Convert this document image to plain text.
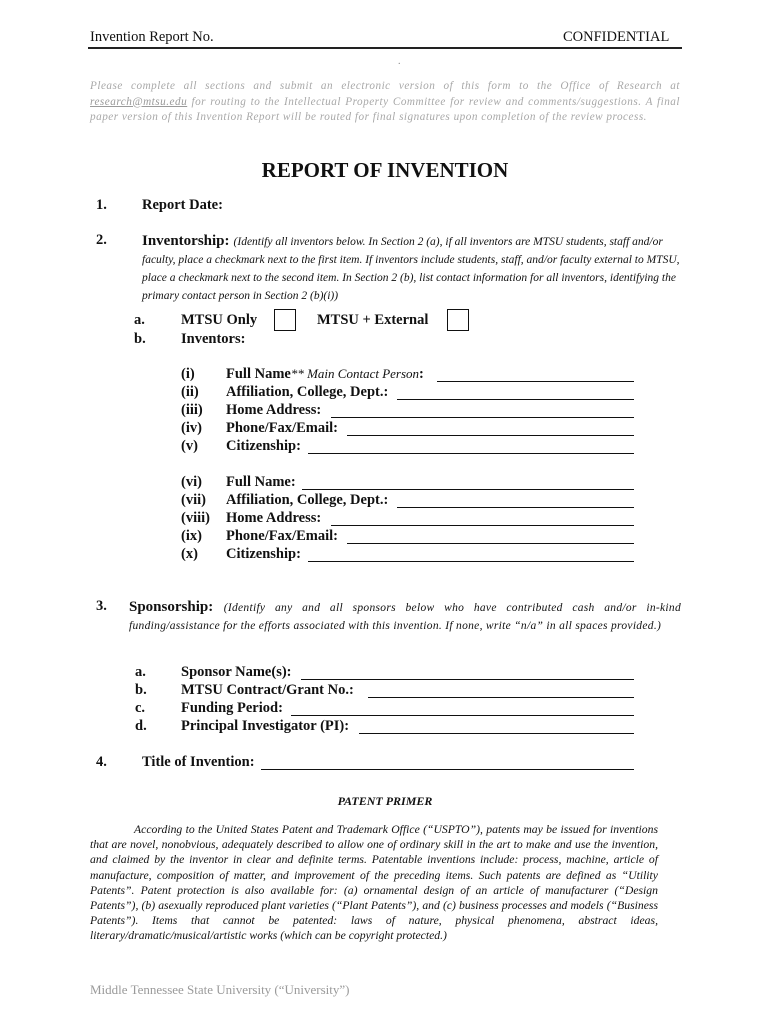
Invention Report No.	CONFIDENTIAL
.
Please complete all sections and submit an electronic version of this form to the Office of Research at research@mtsu.edu for routing to the Intellectual Property Committee for review and comments/suggestions. A final paper version of this Invention Report will be routed for final signatures upon completion of the review process.
REPORT OF INVENTION
1. Report Date:
2. Inventorship: (Identify all inventors below. In Section 2 (a), if all inventors are MTSU students, staff and/or faculty, place a checkmark next to the first item. If inventors include students, staff, and/or faculty external to MTSU, place a checkmark next to the second item. In Section 2 (b), list contact information for all inventors, identifying the primary contact person in Section 2 (b)(i))
a. MTSU Only	MTSU + External
b. Inventors:
(i) Full Name** Main Contact Person:
(ii) Affiliation, College, Dept.:
(iii) Home Address:
(iv) Phone/Fax/Email:
(v) Citizenship:
(vi) Full Name:
(vii) Affiliation, College, Dept.:
(viii) Home Address:
(ix) Phone/Fax/Email:
(x) Citizenship:
3. Sponsorship: (Identify any and all sponsors below who have contributed cash and/or in-kind funding/assistance for the efforts associated with this invention. If none, write “n/a” in all spaces provided.)
a. Sponsor Name(s):
b. MTSU Contract/Grant No.:
c. Funding Period:
d. Principal Investigator (PI):
4. Title of Invention:
PATENT PRIMER
According to the United States Patent and Trademark Office (“USPTO”), patents may be issued for inventions that are novel, nonobvious, adequately described to allow one of ordinary skill in the art to make and use the invention, and claimed by the inventor in clear and definite terms. Patentable inventions include: process, machine, article of manufacture, composition of matter, and improvement of the preceding items. Such patents are defined as “Utility Patents”. Patent protection is also available for: (a) ornamental design of an article of manufacturer (“Design Patents”), (b) asexually reproduced plant varieties (“Plant Patents”), and (c) business processes and models (“Business Patents”). Items that cannot be patented: laws of nature, physical phenomena, abstract ideas, literary/dramatic/musical/artistic works (which can be copyright protected.)
Middle Tennessee State University (“University”)
